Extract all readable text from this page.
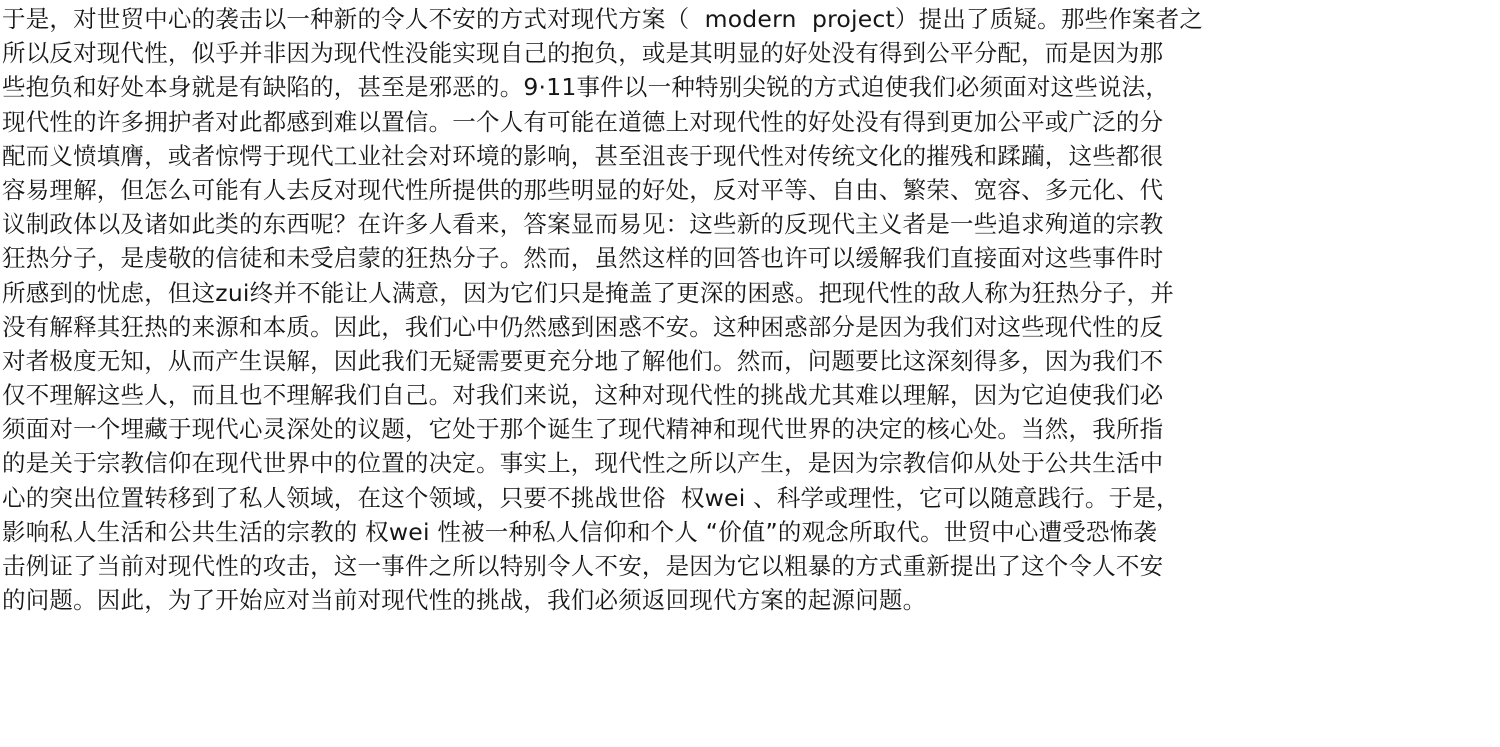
于是，对世贸中心的袭击以一种新的令人不安的方式对现代方案（  modern  project）提出了质疑。那些作案者之
所以反对现代性，似乎并非因为现代性没能实现自己的抱负，或是其明显的好处没有得到公平分配，而是因为那
些抱负和好处本身就是有缺陷的，甚至是邪恶的。9·11事件以一种特别尖锐的方式迫使我们必须面对这些说法，
现代性的许多拥护者对此都感到难以置信。一个人有可能在道德上对现代性的好处没有得到更加公平或广泛的分
配而义愤填膺，或者惊愕于现代工业社会对环境的影响，甚至沮丧于现代性对传统文化的摧残和蹂躏，这些都很
容易理解，但怎么可能有人去反对现代性所提供的那些明显的好处，反对平等、自由、繁荣、宽容、多元化、代
议制政体以及诸如此类的东西呢？在许多人看来，答案显而易见：这些新的反现代主义者是一些追求殉道的宗教
狂热分子，是虔敬的信徒和未受启蒙的狂热分子。然而，虽然这样的回答也许可以缓解我们直接面对这些事件时
所感到的忧虑，但这zui终并不能让人满意，因为它们只是掩盖了更深的困惑。把现代性的敌人称为狂热分子，并
没有解释其狂热的来源和本质。因此，我们心中仍然感到困惑不安。这种困惑部分是因为我们对这些现代性的反
对者极度无知，从而产生误解，因此我们无疑需要更充分地了解他们。然而，问题要比这深刻得多，因为我们不
仅不理解这些人，而且也不理解我们自己。对我们来说，这种对现代性的挑战尤其难以理解，因为它迫使我们必
须面对一个埋藏于现代心灵深处的议题，它处于那个诞生了现代精神和现代世界的决定的核心处。当然，我所指
的是关于宗教信仰在现代世界中的位置的决定。事实上，现代性之所以产生，是因为宗教信仰从处于公共生活中
心的突出位置转移到了私人领域，在这个领域，只要不挑战世俗  权wei 、科学或理性，它可以随意践行。于是，
影响私人生活和公共生活的宗教的 权wei 性被一种私人信仰和个人 “价值”的观念所取代。世贸中心遭受恐怖袭
击例证了当前对现代性的攻击，这一事件之所以特别令人不安，是因为它以粗暴的方式重新提出了这个令人不安
的问题。因此，为了开始应对当前对现代性的挑战，我们必须返回现代方案的起源问题。
